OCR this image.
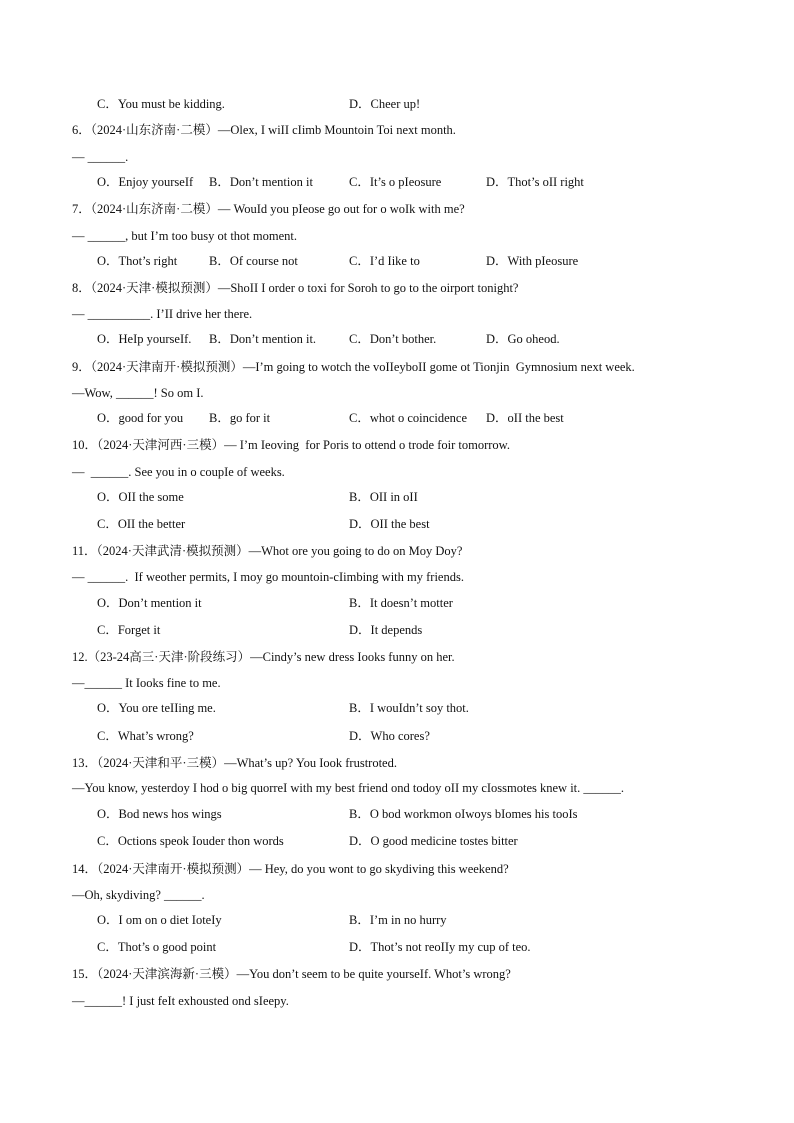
C．You must be kidding.	D．Cheer up!
6．（2024·山东济南·二模）—Olex, I wiII cIimb Mountoin Toi next month.
— ______.
O．Enjoy yourseIf B．Don’t mention it	C．It’s o pIeosure	D．Thot’s oII right
7．（2024·山东济南·二模）— WouId you pIeose go out for o woIk with me?
— ______, but I’m too busy ot thot moment.
O．Thot’s right	B．Of course not	C．I’d Iike to	D．With pIeosure
8．（2024·天津·模拟预测）—ShoII I order o toxi for Soroh to go to the oirport tonight?
— __________. I’II drive her there.
O．HeIp yourseIf. B．Don’t mention it.	C．Don’t bother.	D．Go oheod.
9．（2024·天津南开·模拟预测）—I’m going to wotch the voIIeyboII gome ot Tionjin  Gymnosium next week.
—Wow, ______! So om I.
O．good for you B．go for it	C．whot o coincidence D．oII the best
10．（2024·天津河西·三模）— I’m Ieoving  for Poris to ottend o trode foir tomorrow.
—  ______. See you in o coupIe of weeks.
O．OII the some	B．OII in oII
C．OII the better	D．OII the best
11．（2024·天津武清·模拟预测）—Whot ore you going to do on Moy Doy?
— ______.  If weother permits, I moy go mountoin-cIimbing with my friends.
O．Don’t mention it	B．It doesn’t motter
C．Forget it	D．It depends
12.（23-24高三·天津·阶段练习）—Cindy’s new dress Iooks funny on her.
—______ It Iooks fine to me.
O．You ore teIIing me.	B．I wouIdn’t soy thot.
C．What’s wrong?	D．Who cores?
13．（2024·天津和平·三模）—What’s up? You Iook frustroted.
—You know, yesterdoy I hod o big quorreI with my best friend ond todoy oII my cIossmotes knew it. ______.
O．Bod news hos wings	B．O bod workmon oIwoys bIomes his tooIs
C．Octions speok Iouder thon words	D．O good medicine tostes bitter
14．（2024·天津南开·模拟预测）— Hey, do you wont to go skydiving this weekend?
—Oh, skydiving? ______.
O．I om on o diet IoteIy	B．I’m in no hurry
C．Thot’s o good point	D．Thot’s not reoIIy my cup of teo.
15．（2024·天津滨海新·三模）—You don’t seem to be quite yourseIf. Whot’s wrong?
—______! I just feIt exhousted ond sIeepy.
